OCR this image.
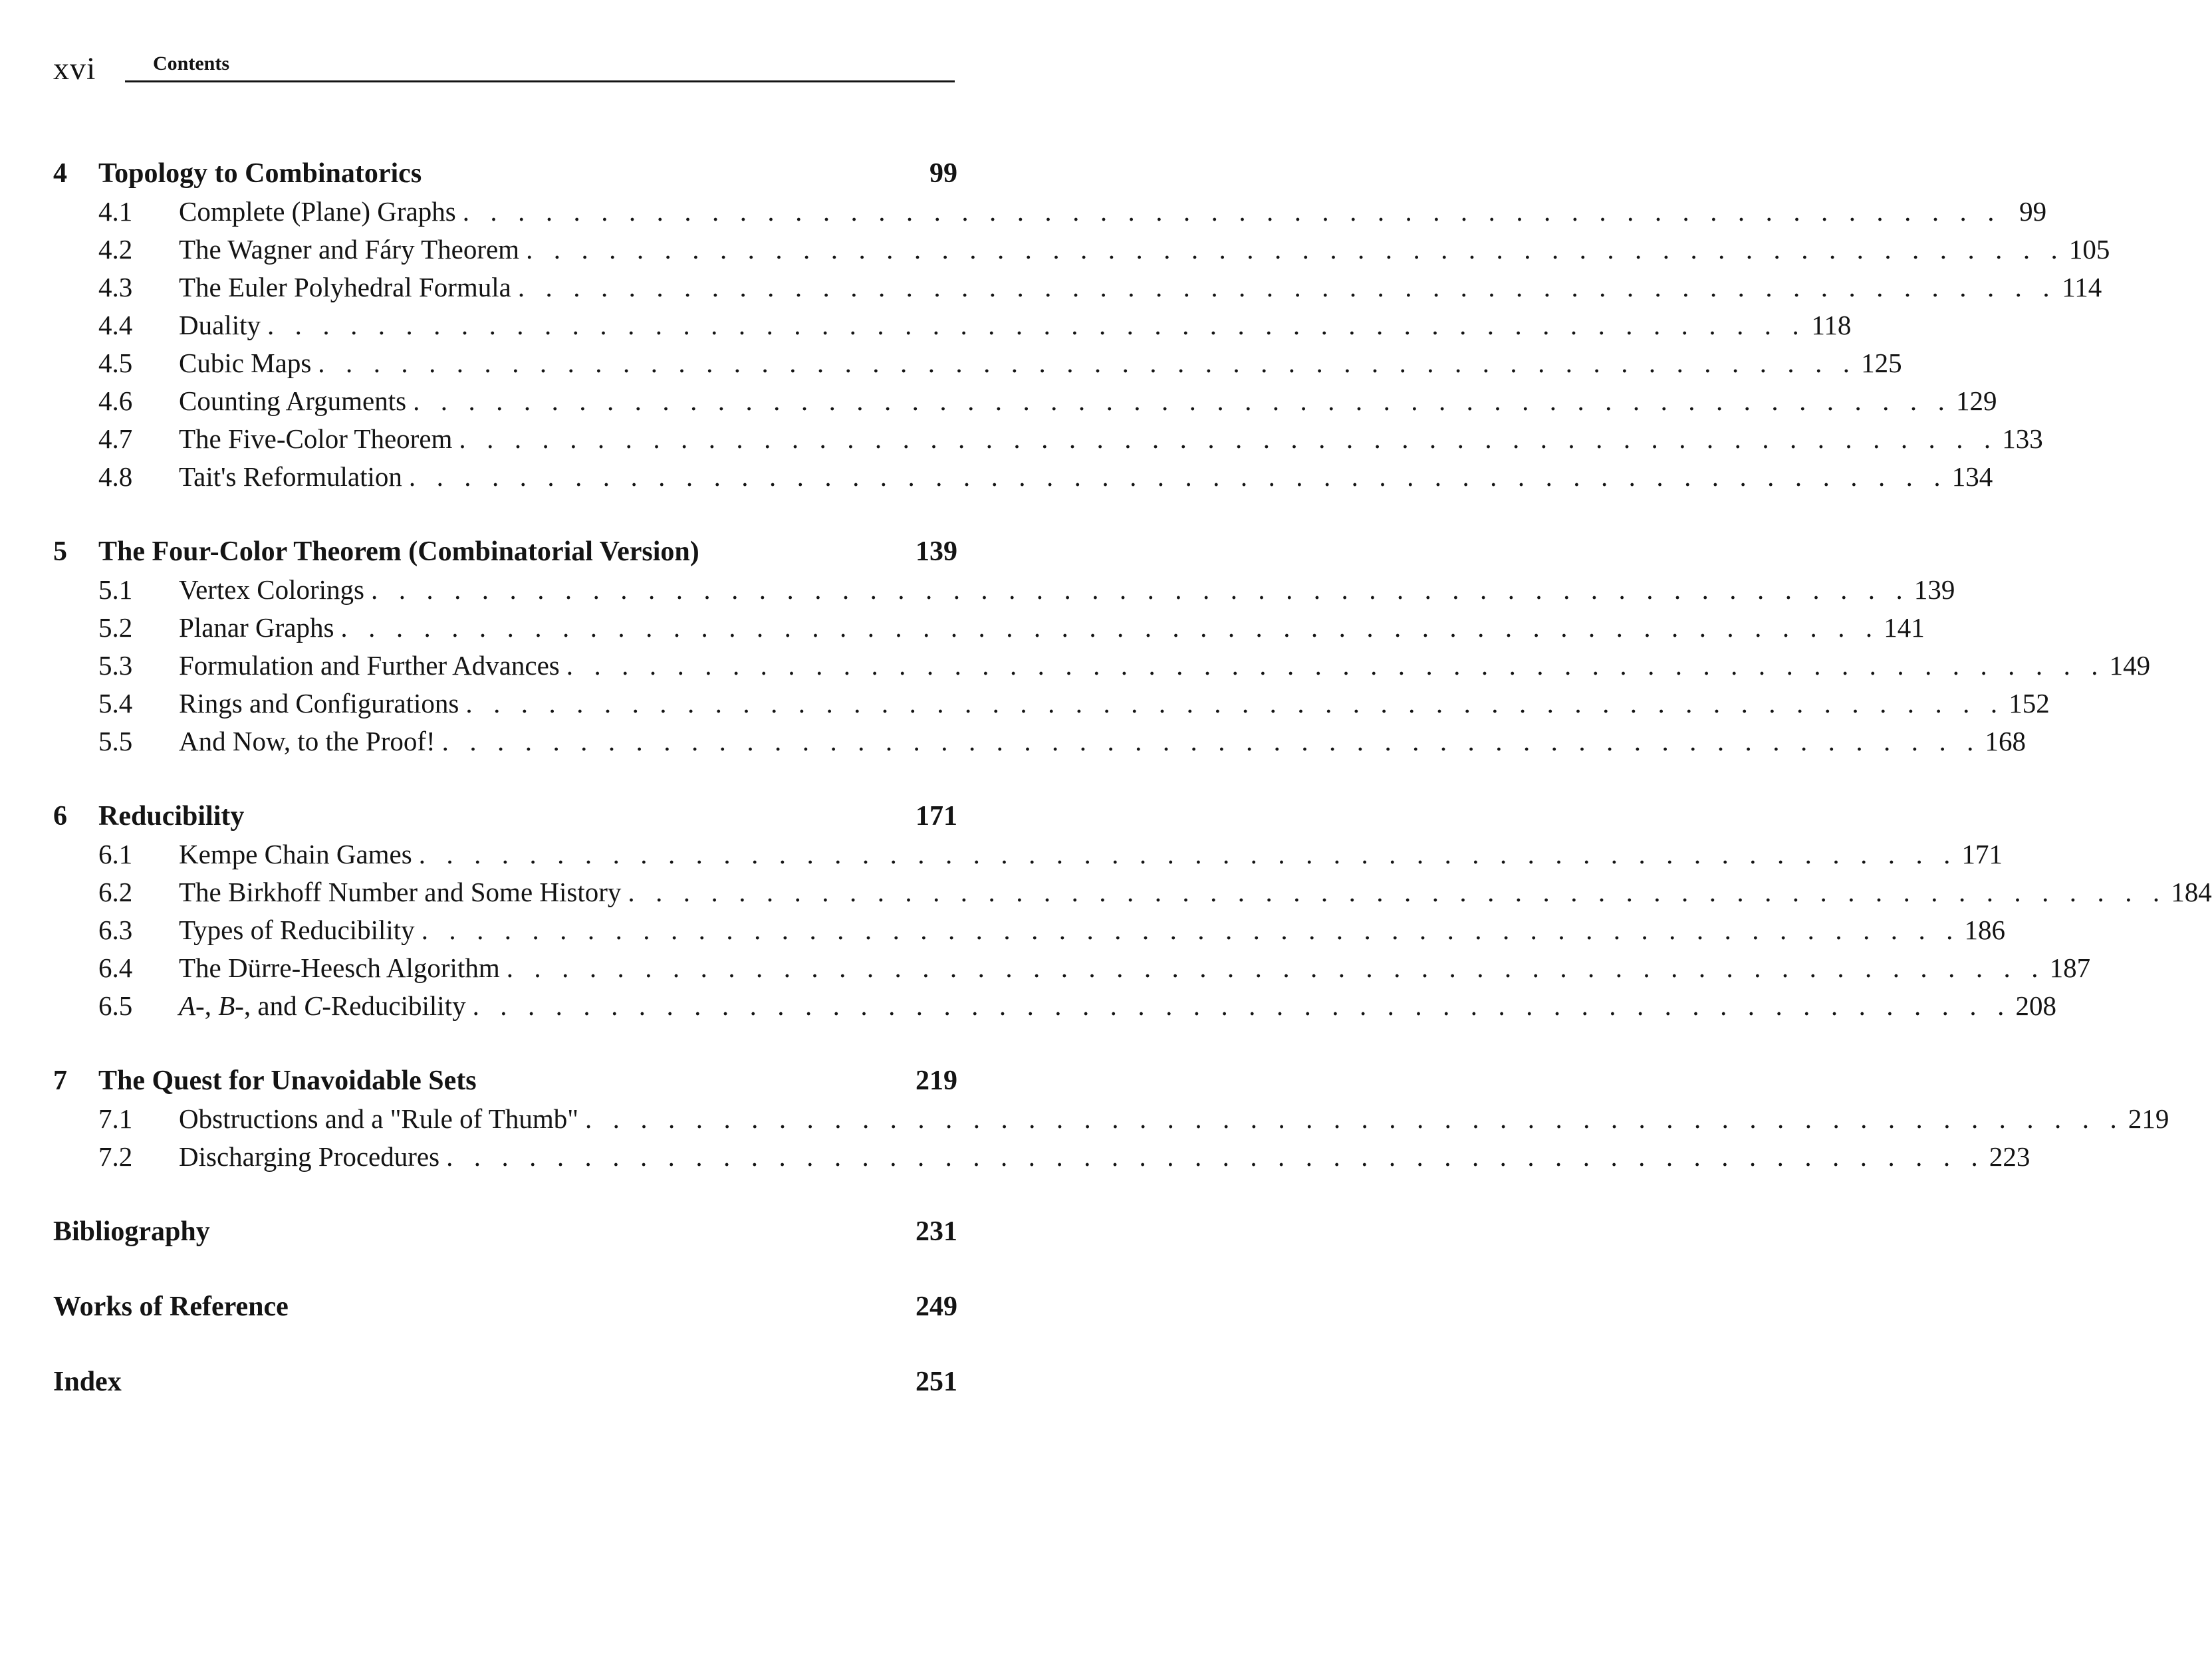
xvi	Contents
4 Topology to Combinatorics	99
4.1	Complete (Plane) Graphs . . . . . . . . . . . . . . . . . . . . . . . . . . . . . . . . . . . . . . . . . . . . . . . . . . . . . . . . 99
4.2	The Wagner and Fáry Theorem . . . . . . . . . . . . . . . . . . . . . . . . . . . . . . . . . . . . . . . . . . . . . . . . . . . . . . . . 105
4.3	The Euler Polyhedral Formula . . . . . . . . . . . . . . . . . . . . . . . . . . . . . . . . . . . . . . . . . . . . . . . . . . . . . . . . 114
4.4	Duality . . . . . . . . . . . . . . . . . . . . . . . . . . . . . . . . . . . . . . . . . . . . . . . . . . . . . . . . 118
4.5	Cubic Maps . . . . . . . . . . . . . . . . . . . . . . . . . . . . . . . . . . . . . . . . . . . . . . . . . . . . . . . . 125
4.6	Counting Arguments . . . . . . . . . . . . . . . . . . . . . . . . . . . . . . . . . . . . . . . . . . . . . . . . . . . . . . . . 129
4.7	The Five-Color Theorem . . . . . . . . . . . . . . . . . . . . . . . . . . . . . . . . . . . . . . . . . . . . . . . . . . . . . . . . 133
4.8	Tait's Reformulation . . . . . . . . . . . . . . . . . . . . . . . . . . . . . . . . . . . . . . . . . . . . . . . . . . . . . . . . 134
5 The Four-Color Theorem (Combinatorial Version)	139
5.1	Vertex Colorings . . . . . . . . . . . . . . . . . . . . . . . . . . . . . . . . . . . . . . . . . . . . . . . . . . . . . . . . 139
5.2	Planar Graphs . . . . . . . . . . . . . . . . . . . . . . . . . . . . . . . . . . . . . . . . . . . . . . . . . . . . . . . . 141
5.3	Formulation and Further Advances . . . . . . . . . . . . . . . . . . . . . . . . . . . . . . . . . . . . . . . . . . . . . . . . . . . . . . . . 149
5.4	Rings and Configurations . . . . . . . . . . . . . . . . . . . . . . . . . . . . . . . . . . . . . . . . . . . . . . . . . . . . . . . . 152
5.5	And Now, to the Proof! . . . . . . . . . . . . . . . . . . . . . . . . . . . . . . . . . . . . . . . . . . . . . . . . . . . . . . . . 168
6 Reducibility	171
6.1	Kempe Chain Games . . . . . . . . . . . . . . . . . . . . . . . . . . . . . . . . . . . . . . . . . . . . . . . . . . . . . . . . 171
6.2	The Birkhoff Number and Some History . . . . . . . . . . . . . . . . . . . . . . . . . . . . . . . . . . . . . . . . . . . . . . . . . . . . . . . . 184
6.3	Types of Reducibility . . . . . . . . . . . . . . . . . . . . . . . . . . . . . . . . . . . . . . . . . . . . . . . . . . . . . . . . 186
6.4	The Dürre-Heesch Algorithm . . . . . . . . . . . . . . . . . . . . . . . . . . . . . . . . . . . . . . . . . . . . . . . . . . . . . . . . 187
6.5	A-, B-, and C-Reducibility . . . . . . . . . . . . . . . . . . . . . . . . . . . . . . . . . . . . . . . . . . . . . . . . . . . . . . . . 208
7 The Quest for Unavoidable Sets	219
7.1	Obstructions and a "Rule of Thumb" . . . . . . . . . . . . . . . . . . . . . . . . . . . . . . . . . . . . . . . . . . . . . . . . . . . . . . . . 219
7.2	Discharging Procedures . . . . . . . . . . . . . . . . . . . . . . . . . . . . . . . . . . . . . . . . . . . . . . . . . . . . . . . . 223
Bibliography	231
Works of Reference	249
Index	251
